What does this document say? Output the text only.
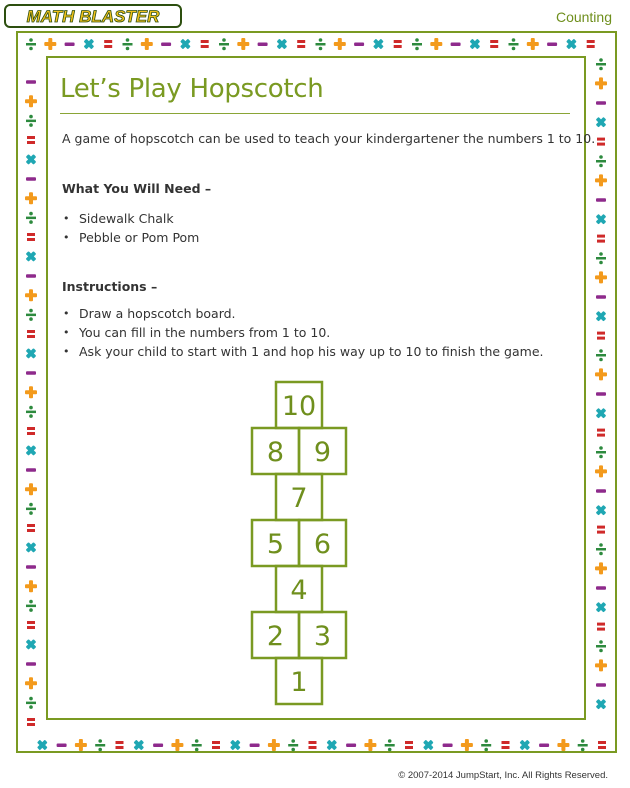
MATH BLASTER	Counting
Let’s Play Hopscotch

A game of hopscotch can be used to teach your kindergartener the numbers 1 to 10.

What You Will Need –
• Sidewalk Chalk
• Pebble or Pom Pom
Instructions –
• Draw a hopscotch board.
• You can fill in the numbers from 1 to 10.
• Ask your child to start with 1 and hop his way up to 10 to finish the game.
10
8 9
7
5 6
4
2 3
1
© 2007-2014 JumpStart, Inc. All Rights Reserved.
